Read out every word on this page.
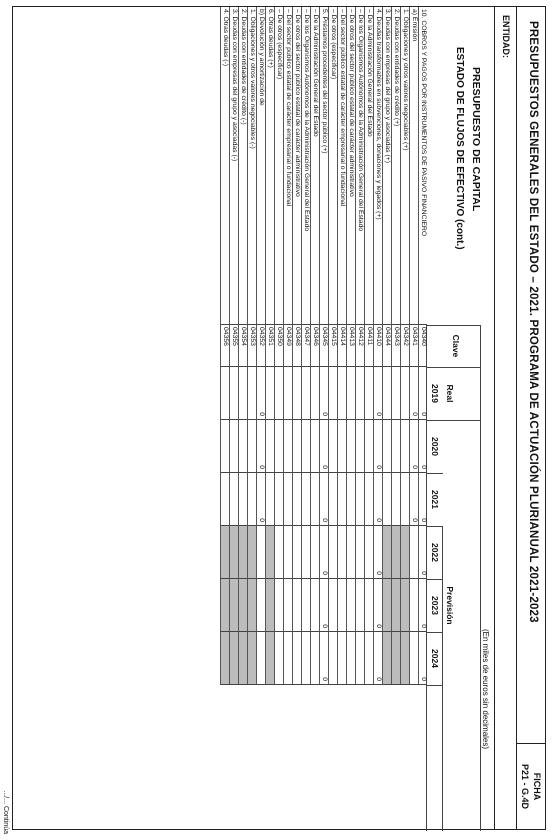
PRESUPUESTOS GENERALES DEL ESTADO – 2021. PROGRAMA DE ACTUACIÓN PLURIANUAL 2021-2023
FICHA
P21 - G.4D
ENTIDAD:
PRESUPUESTO DE CAPITAL
ESTADO DE FLUJOS DE EFECTIVO (cont.)
(En miles de euros sin decimales)
Clave
Real
Previsión
2019
2020
2021
2022
2023
2024
10. COBROS Y PAGOS POR INSTRUMENTOS DE PASIVO FINANCIERO
04340
0
0
0
0
0
0
a) Emisión
04341
0
0
0
1. Obligaciones y otros valores negociables (+)
04342
2. Deudas con entidades de crédito (+)
04343
3. Deudas con empresas del grupo y asociadas (+)
04344
4. Deudas transformables en subvenciones, donaciones y legados (+)
04410
0
0
0
0
0
0
– De la Administración General del Estado
04411
– De los Organismos Autónomos de la Administración General del Estado
04412
– De otros del sector público estatal de carácter administrativo
04413
– Del sector público estatal de carácter empresarial o fundacional
04414
– De otros (especificar)
04415
5. Préstamos procedentes del sector público (+)
04345
0
0
0
0
0
0
– De la Administración General del Estado
04346
– De los Organismos Autónomos de la Administración General del Estado
04347
– De otros del sector público estatal de carácter administrativo
04348
– Del sector público estatal de carácter empresarial o fundacional
04349
– De otros (especificar)
04350
6. Otras deudas (+)
04351
b) Devolución y amortización de
04352
0
0
0
1. Obligaciones y otros valores negociables (-)
04353
2. Deudas con entidades de crédito (-)
04354
3. Deudas con empresas del grupo y asociadas (-)
04355
4. Otras deudas (-)
04356
.../... Continúa
